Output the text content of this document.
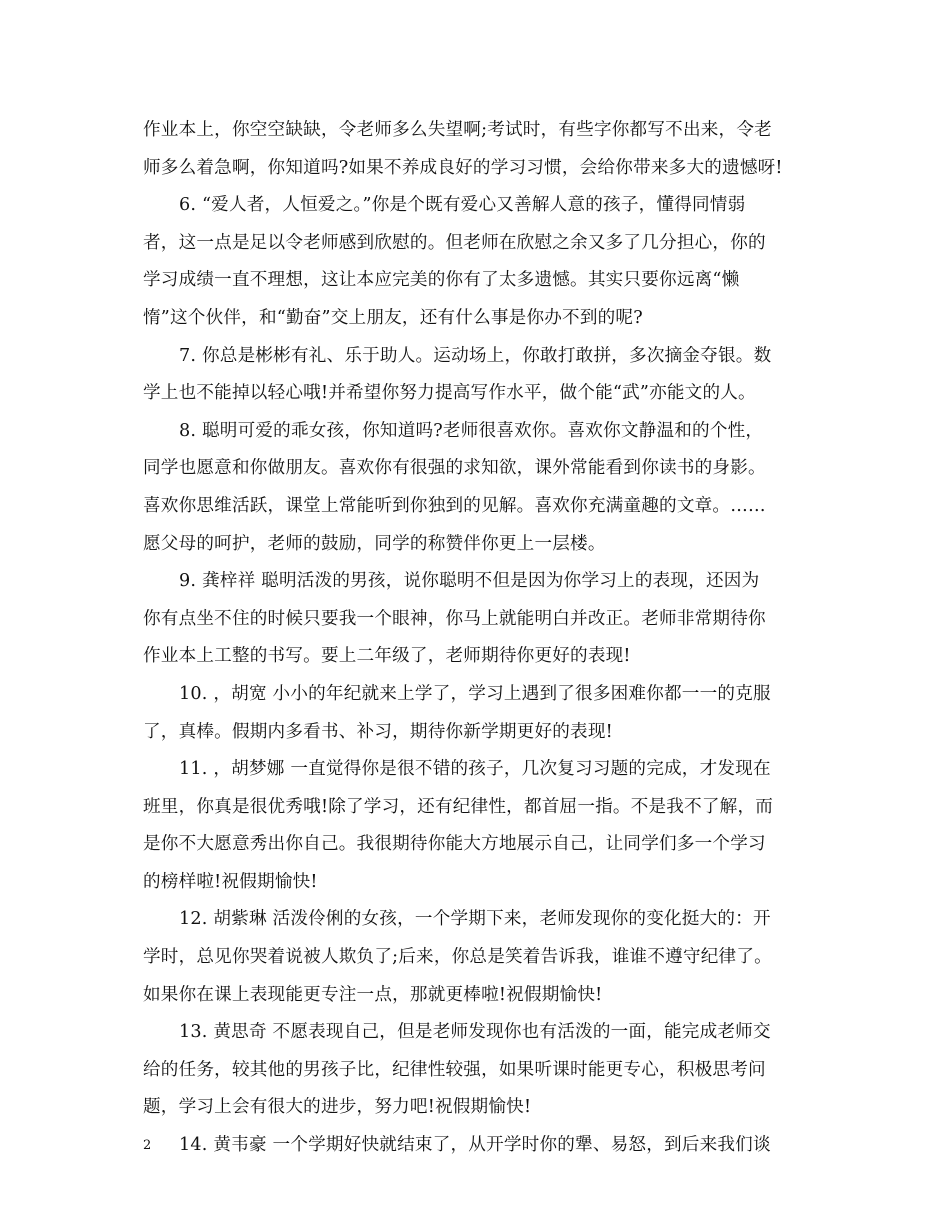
作业本上，你空空缺缺，令老师多么失望啊;考试时，有些字你都写不出来，令老
师多么着急啊，你知道吗?如果不养成良好的学习习惯，会给你带来多大的遗憾呀!
6. “爱人者，人恒爱之。”你是个既有爱心又善解人意的孩子，懂得同情弱
者，这一点是足以令老师感到欣慰的。但老师在欣慰之余又多了几分担心，你的
学习成绩一直不理想，这让本应完美的你有了太多遗憾。其实只要你远离“懒
惰”这个伙伴，和“勤奋”交上朋友，还有什么事是你办不到的呢?
7. 你总是彬彬有礼、乐于助人。运动场上，你敢打敢拼，多次摘金夺银。数
学上也不能掉以轻心哦!并希望你努力提高写作水平，做个能“武”亦能文的人。
8. 聪明可爱的乖女孩，你知道吗?老师很喜欢你。喜欢你文静温和的个性，
同学也愿意和你做朋友。喜欢你有很强的求知欲，课外常能看到你读书的身影。
喜欢你思维活跃，课堂上常能听到你独到的见解。喜欢你充满童趣的文章。……
愿父母的呵护，老师的鼓励，同学的称赞伴你更上一层楼。
9. 龚梓祥 聪明活泼的男孩，说你聪明不但是因为你学习上的表现，还因为
你有点坐不住的时候只要我一个眼神，你马上就能明白并改正。老师非常期待你
作业本上工整的书写。要上二年级了，老师期待你更好的表现!
10. ，胡宽 小小的年纪就来上学了，学习上遇到了很多困难你都一一的克服
了，真棒。假期内多看书、补习，期待你新学期更好的表现!
11. ，胡梦娜 一直觉得你是很不错的孩子，几次复习习题的完成，才发现在
班里，你真是很优秀哦!除了学习，还有纪律性，都首屈一指。不是我不了解，而
是你不大愿意秀出你自己。我很期待你能大方地展示自己，让同学们多一个学习
的榜样啦!祝假期愉快!
12. 胡紫琳 活泼伶俐的女孩，一个学期下来，老师发现你的变化挺大的：开
学时，总见你哭着说被人欺负了;后来，你总是笑着告诉我，谁谁不遵守纪律了。
如果你在课上表现能更专注一点，那就更棒啦!祝假期愉快!
13. 黄思奇 不愿表现自己，但是老师发现你也有活泼的一面，能完成老师交
给的任务，较其他的男孩子比，纪律性较强，如果听课时能更专心，积极思考问
题，学习上会有很大的进步，努力吧!祝假期愉快!
14. 黄韦豪 一个学期好快就结束了，从开学时你的犟、易怒，到后来我们谈
2
